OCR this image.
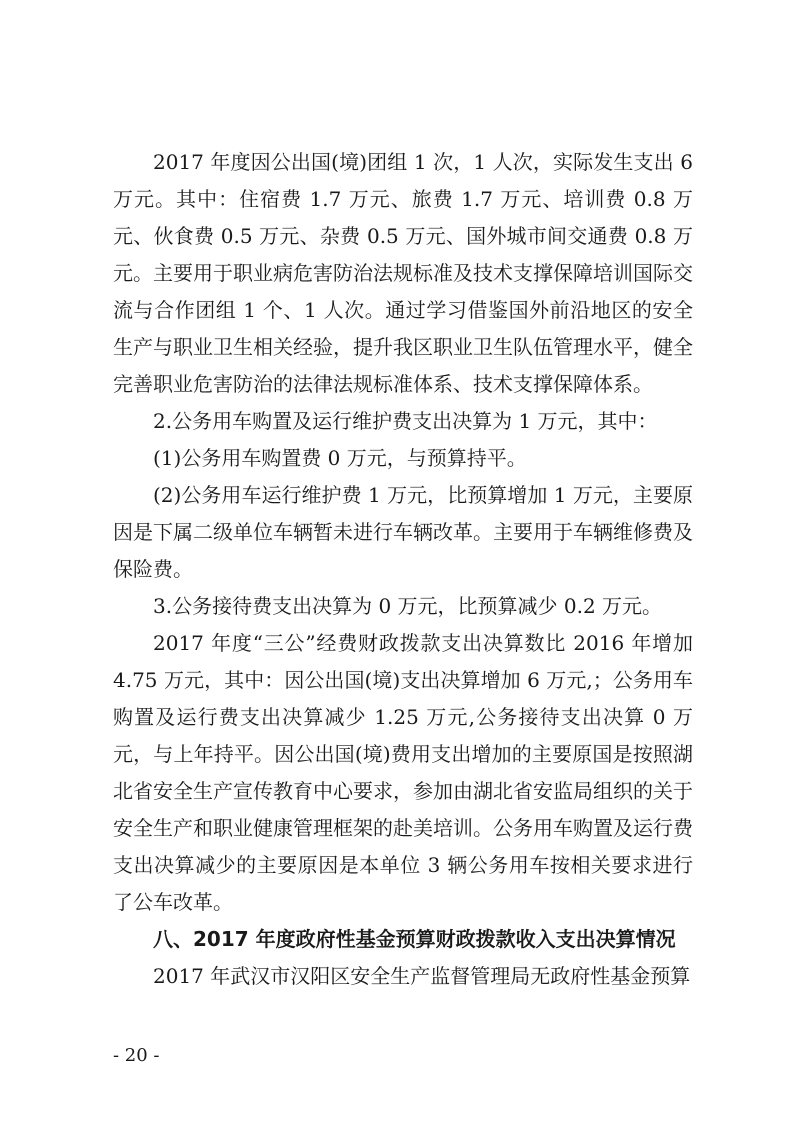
2017 年度因公出国(境)团组 1 次，1 人次，实际发生支出 6 万元。其中：住宿费 1.7 万元、旅费 1.7 万元、培训费 0.8 万元、伙食费 0.5 万元、杂费 0.5 万元、国外城市间交通费 0.8 万元。主要用于职业病危害防治法规标准及技术支撑保障培训国际交流与合作团组 1 个、1 人次。通过学习借鉴国外前沿地区的安全生产与职业卫生相关经验，提升我区职业卫生队伍管理水平，健全完善职业危害防治的法律法规标准体系、技术支撑保障体系。

2.公务用车购置及运行维护费支出决算为 1 万元，其中：

(1)公务用车购置费 0 万元，与预算持平。

(2)公务用车运行维护费 1 万元，比预算增加 1 万元，主要原因是下属二级单位车辆暂未进行车辆改革。主要用于车辆维修费及保险费。

3.公务接待费支出决算为 0 万元，比预算减少 0.2 万元。

2017 年度“三公”经费财政拨款支出决算数比 2016 年增加 4.75 万元，其中：因公出国(境)支出决算增加 6 万元,；公务用车购置及运行费支出决算减少 1.25 万元,公务接待支出决算 0 万元，与上年持平。因公出国(境)费用支出增加的主要原国是按照湖北省安全生产宣传教育中心要求，参加由湖北省安监局组织的关于安全生产和职业健康管理框架的赴美培训。公务用车购置及运行费支出决算减少的主要原因是本单位 3 辆公务用车按相关要求进行了公车改革。

八、2017 年度政府性基金预算财政拨款收入支出决算情况

2017 年武汉市汉阳区安全生产监督管理局无政府性基金预算

- 20 -
